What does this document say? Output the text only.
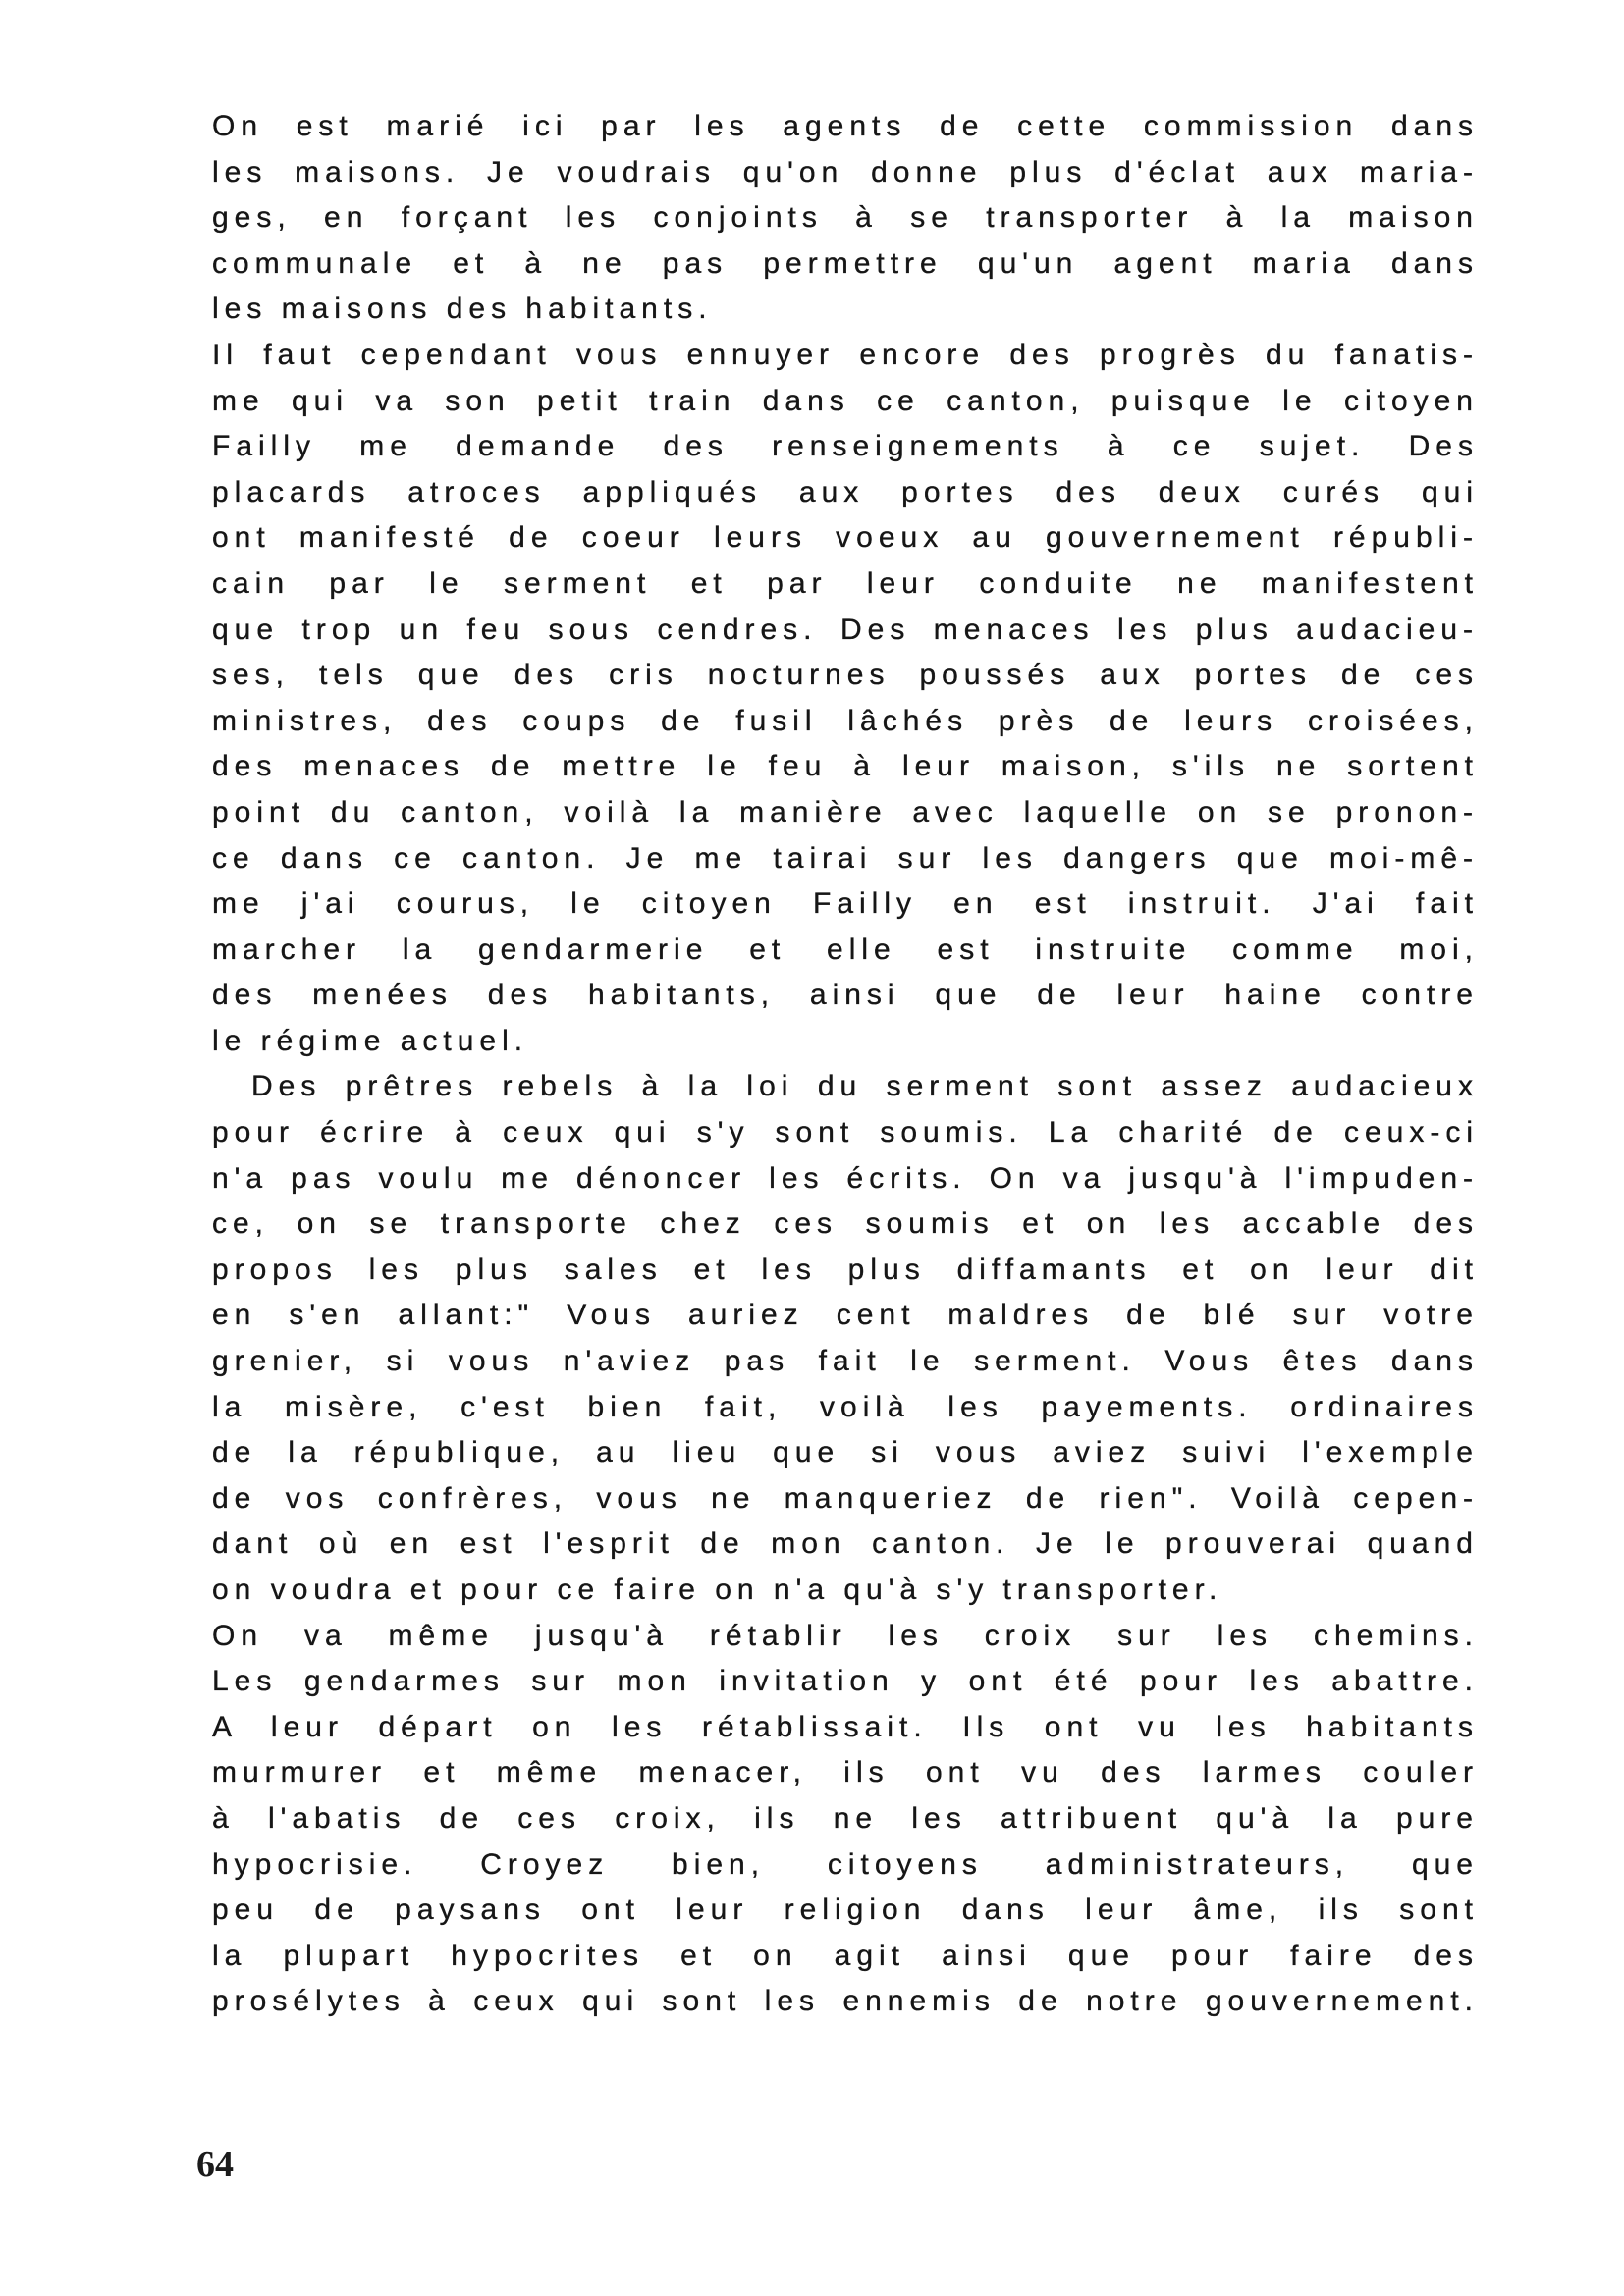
On est marié ici par les agents de cette commission dans
les maisons. Je voudrais qu'on donne plus d'éclat aux maria-
ges, en forçant les conjoints à se transporter à la maison
communale et à ne pas permettre qu'un agent maria dans
les maisons des habitants.
Il faut cependant vous ennuyer encore des progrès du fanatis-
me qui va son petit train dans ce canton, puisque le citoyen
Failly me demande des renseignements à ce sujet. Des
placards atroces appliqués aux portes des deux curés qui
ont manifesté de coeur leurs voeux au gouvernement républi-
cain par le serment et par leur conduite ne manifestent
que trop un feu sous cendres. Des menaces les plus audacieu-
ses, tels que des cris nocturnes poussés aux portes de ces
ministres, des coups de fusil lâchés près de leurs croisées,
des menaces de mettre le feu à leur maison, s'ils ne sortent
point du canton, voilà la manière avec laquelle on se pronon-
ce dans ce canton. Je me tairai sur les dangers que moi-mê-
me j'ai courus, le citoyen Failly en est instruit. J'ai fait
marcher la gendarmerie et elle est instruite comme moi,
des menées des habitants, ainsi que de leur haine contre
le régime actuel.
Des prêtres rebels à la loi du serment sont assez audacieux
pour écrire à ceux qui s'y sont soumis. La charité de ceux-ci
n'a pas voulu me dénoncer les écrits. On va jusqu'à l'impuden-
ce, on se transporte chez ces soumis et on les accable des
propos les plus sales et les plus diffamants et on leur dit
en s'en allant:" Vous auriez cent maldres de blé sur votre
grenier, si vous n'aviez pas fait le serment. Vous êtes dans
la misère, c'est bien fait, voilà les payements. ordinaires
de la république, au lieu que si vous aviez suivi l'exemple
de vos confrères, vous ne manqueriez de rien". Voilà cepen-
dant où en est l'esprit de mon canton. Je le prouverai quand
on voudra et pour ce faire on n'a qu'à s'y transporter.
On va même jusqu'à rétablir les croix sur les chemins.
Les gendarmes sur mon invitation y ont été pour les abattre.
A leur départ on les rétablissait. Ils ont vu les habitants
murmurer et même menacer, ils ont vu des larmes couler
à l'abatis de ces croix, ils ne les attribuent qu'à la pure
hypocrisie. Croyez bien, citoyens administrateurs, que
peu de paysans ont leur religion dans leur âme, ils sont
la plupart hypocrites et on agit ainsi que pour faire des
prosélytes à ceux qui sont les ennemis de notre gouvernement.
64
